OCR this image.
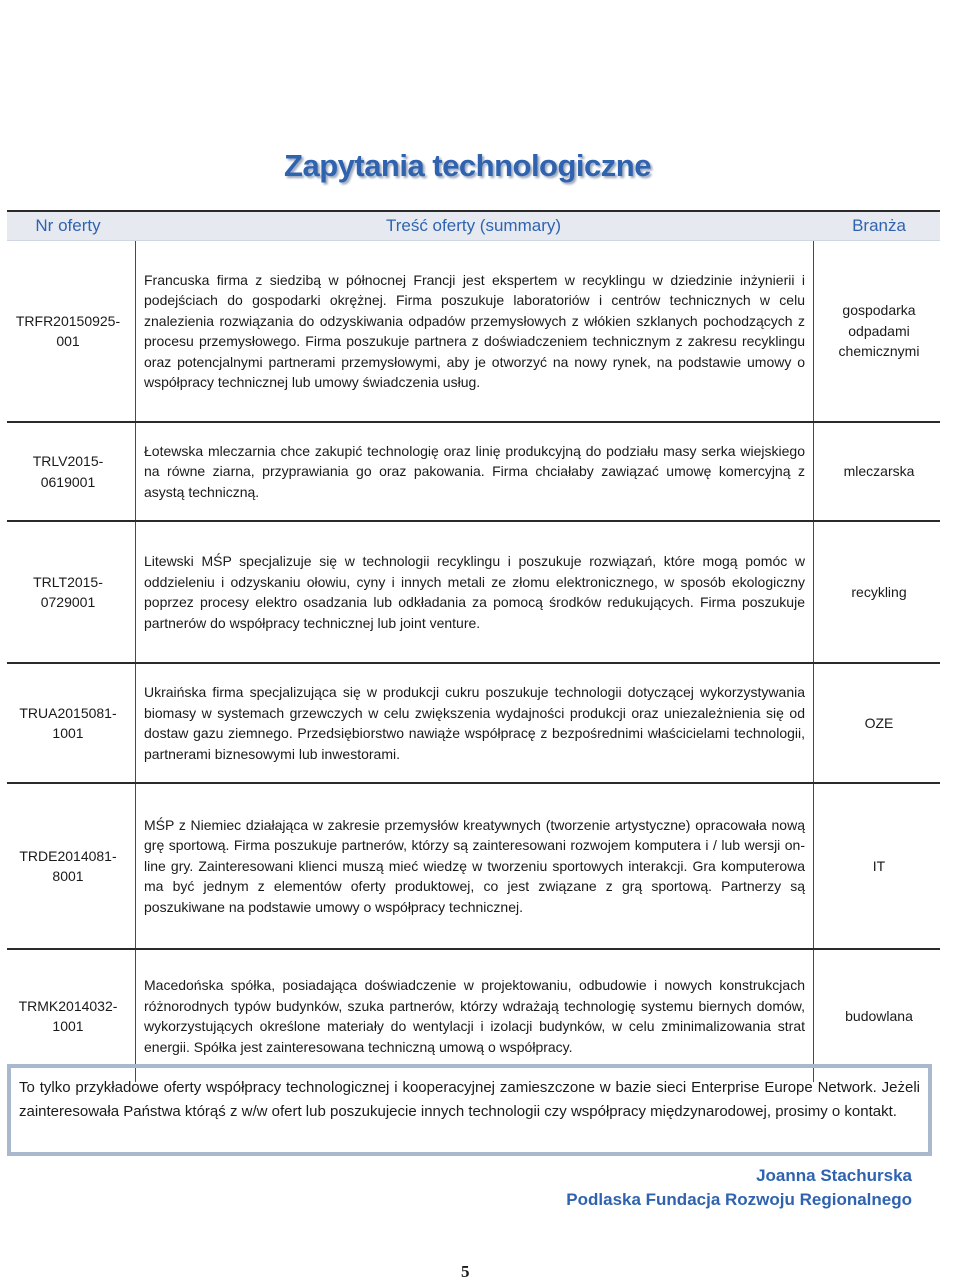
Zapytania technologiczne
Nr oferty	Treść oferty (summary)	Branża
TRFR20150925-001	Francuska firma z siedzibą w północnej Francji jest ekspertem w recyklingu w dziedzinie inżynierii i podejściach do gospodarki okrężnej. Firma poszukuje laboratoriów i centrów technicznych w celu znalezienia rozwiązania do odzyskiwania odpadów przemysłowych z włókien szklanych pochodzących z procesu przemysłowego. Firma poszukuje partnera z doświadczeniem technicznym z zakresu recyklingu oraz potencjalnymi partnerami przemysłowymi, aby je otworzyć na nowy rynek, na podstawie umowy o współpracy technicznej lub umowy świadczenia usług.	gospodarka odpadami chemicznymi
TRLV2015-0619001	Łotewska mleczarnia chce zakupić technologię oraz linię produkcyjną do podziału masy serka wiejskiego na równe ziarna, przyprawiania go oraz pakowania. Firma chciałaby zawiązać umowę komercyjną z asystą techniczną.	mleczarska
TRLT2015-0729001	Litewski MŚP specjalizuje się w technologii recyklingu i poszukuje rozwiązań, które mogą pomóc w oddzieleniu i odzyskaniu ołowiu, cyny i innych metali ze złomu elektronicznego, w sposób ekologiczny poprzez procesy elektro osadzania lub odkładania za pomocą środków redukujących. Firma poszukuje partnerów do współpracy technicznej lub joint venture.	recykling
TRUA2015081-1001	Ukraińska firma specjalizująca się w produkcji cukru poszukuje technologii dotyczącej wykorzystywania biomasy w systemach grzewczych w celu zwiększenia wydajności produkcji oraz uniezależnienia się od dostaw gazu ziemnego. Przedsiębiorstwo nawiąże współpracę z bezpośrednimi właścicielami technologii, partnerami biznesowymi lub inwestorami.	OZE
TRDE2014081-8001	MŚP z Niemiec działająca w zakresie przemysłów kreatywnych (tworzenie artystyczne) opracowała nową grę sportową. Firma poszukuje partnerów, którzy są zainteresowani rozwojem komputera i / lub wersji on-line gry. Zainteresowani klienci muszą mieć wiedzę w tworzeniu sportowych interakcji. Gra komputerowa ma być jednym z elementów oferty produktowej, co jest związane z grą sportową. Partnerzy są poszukiwane na podstawie umowy o współpracy technicznej.	IT
TRMK2014032-1001	Macedońska spółka, posiadająca doświadczenie w projektowaniu, odbudowie i nowych konstrukcjach różnorodnych typów budynków, szuka partnerów, którzy wdrażają technologię systemu biernych domów, wykorzystujących określone materiały do wentylacji i izolacji budynków, w celu zminimalizowania strat energii. Spółka jest zainteresowana techniczną umową o współpracy.	budowlana
To tylko przykładowe oferty współpracy technologicznej i kooperacyjnej zamieszczone w bazie sieci Enterprise Europe Network. Jeżeli zainteresowała Państwa którąś z w/w ofert lub poszukujecie innych technologii czy współpracy międzynarodowej, prosimy o kontakt.
Joanna Stachurska
Podlaska Fundacja Rozwoju Regionalnego
5
